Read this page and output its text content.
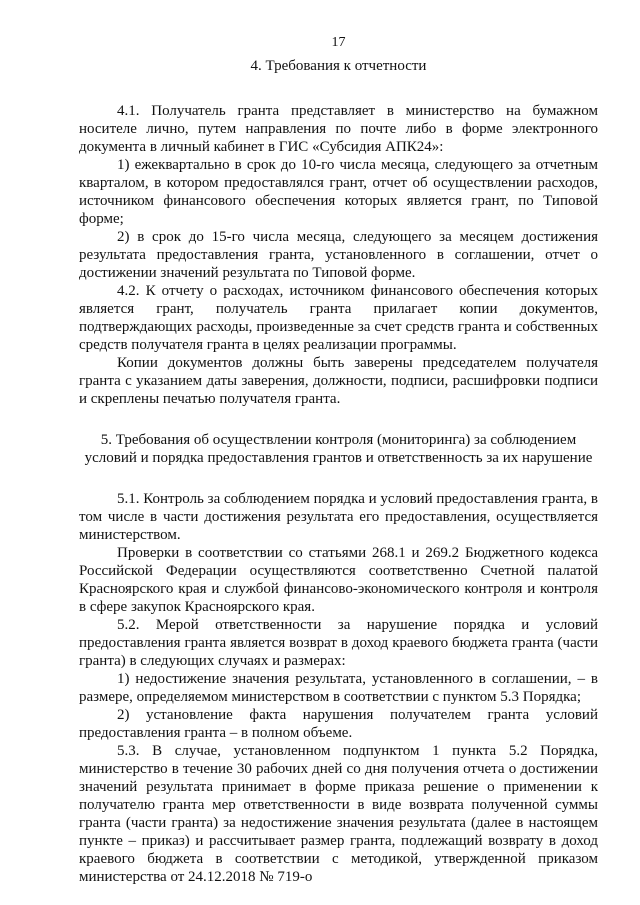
17
4. Требования к отчетности

4.1. Получатель гранта представляет в министерство на бумажном носителе лично, путем направления по почте либо в форме электронного документа в личный кабинет в ГИС «Субсидия АПК24»:

1) ежеквартально в срок до 10-го числа месяца, следующего за отчетным кварталом, в котором предоставлялся грант, отчет об осуществлении расходов, источником финансового обеспечения которых является грант, по Типовой форме;

2) в срок до 15-го числа месяца, следующего за месяцем достижения результата предоставления гранта, установленного в соглашении, отчет о достижении значений результата по Типовой форме.

4.2. К отчету о расходах, источником финансового обеспечения которых является грант, получатель гранта прилагает копии документов, подтверждающих расходы, произведенные за счет средств гранта и собственных средств получателя гранта в целях реализации программы.

Копии документов должны быть заверены председателем получателя гранта с указанием даты заверения, должности, подписи, расшифровки подписи и скреплены печатью получателя гранта.

5. Требования об осуществлении контроля (мониторинга) за соблюдением
условий и порядка предоставления грантов и ответственность за их нарушение

5.1. Контроль за соблюдением порядка и условий предоставления гранта, в том числе в части достижения результата его предоставления, осуществляется министерством.

Проверки в соответствии со статьями 268.1 и 269.2 Бюджетного кодекса Российской Федерации осуществляются соответственно Счетной палатой Красноярского края и службой финансово-экономического контроля и контроля в сфере закупок Красноярского края.

5.2. Мерой ответственности за нарушение порядка и условий предоставления гранта является возврат в доход краевого бюджета гранта (части гранта) в следующих случаях и размерах:

1) недостижение значения результата, установленного в соглашении, – в размере, определяемом министерством в соответствии с пунктом 5.3 Порядка;

2) установление факта нарушения получателем гранта условий предоставления гранта – в полном объеме.

5.3. В случае, установленном подпунктом 1 пункта 5.2 Порядка, министерство в течение 30 рабочих дней со дня получения отчета о достижении значений результата принимает в форме приказа решение о применении к получателю гранта мер ответственности в виде возврата полученной суммы гранта (части гранта) за недостижение значения результата (далее в настоящем пункте – приказ) и рассчитывает размер гранта, подлежащий возврату в доход краевого бюджета в соответствии с методикой, утвержденной приказом министерства от 24.12.2018 № 719-о
